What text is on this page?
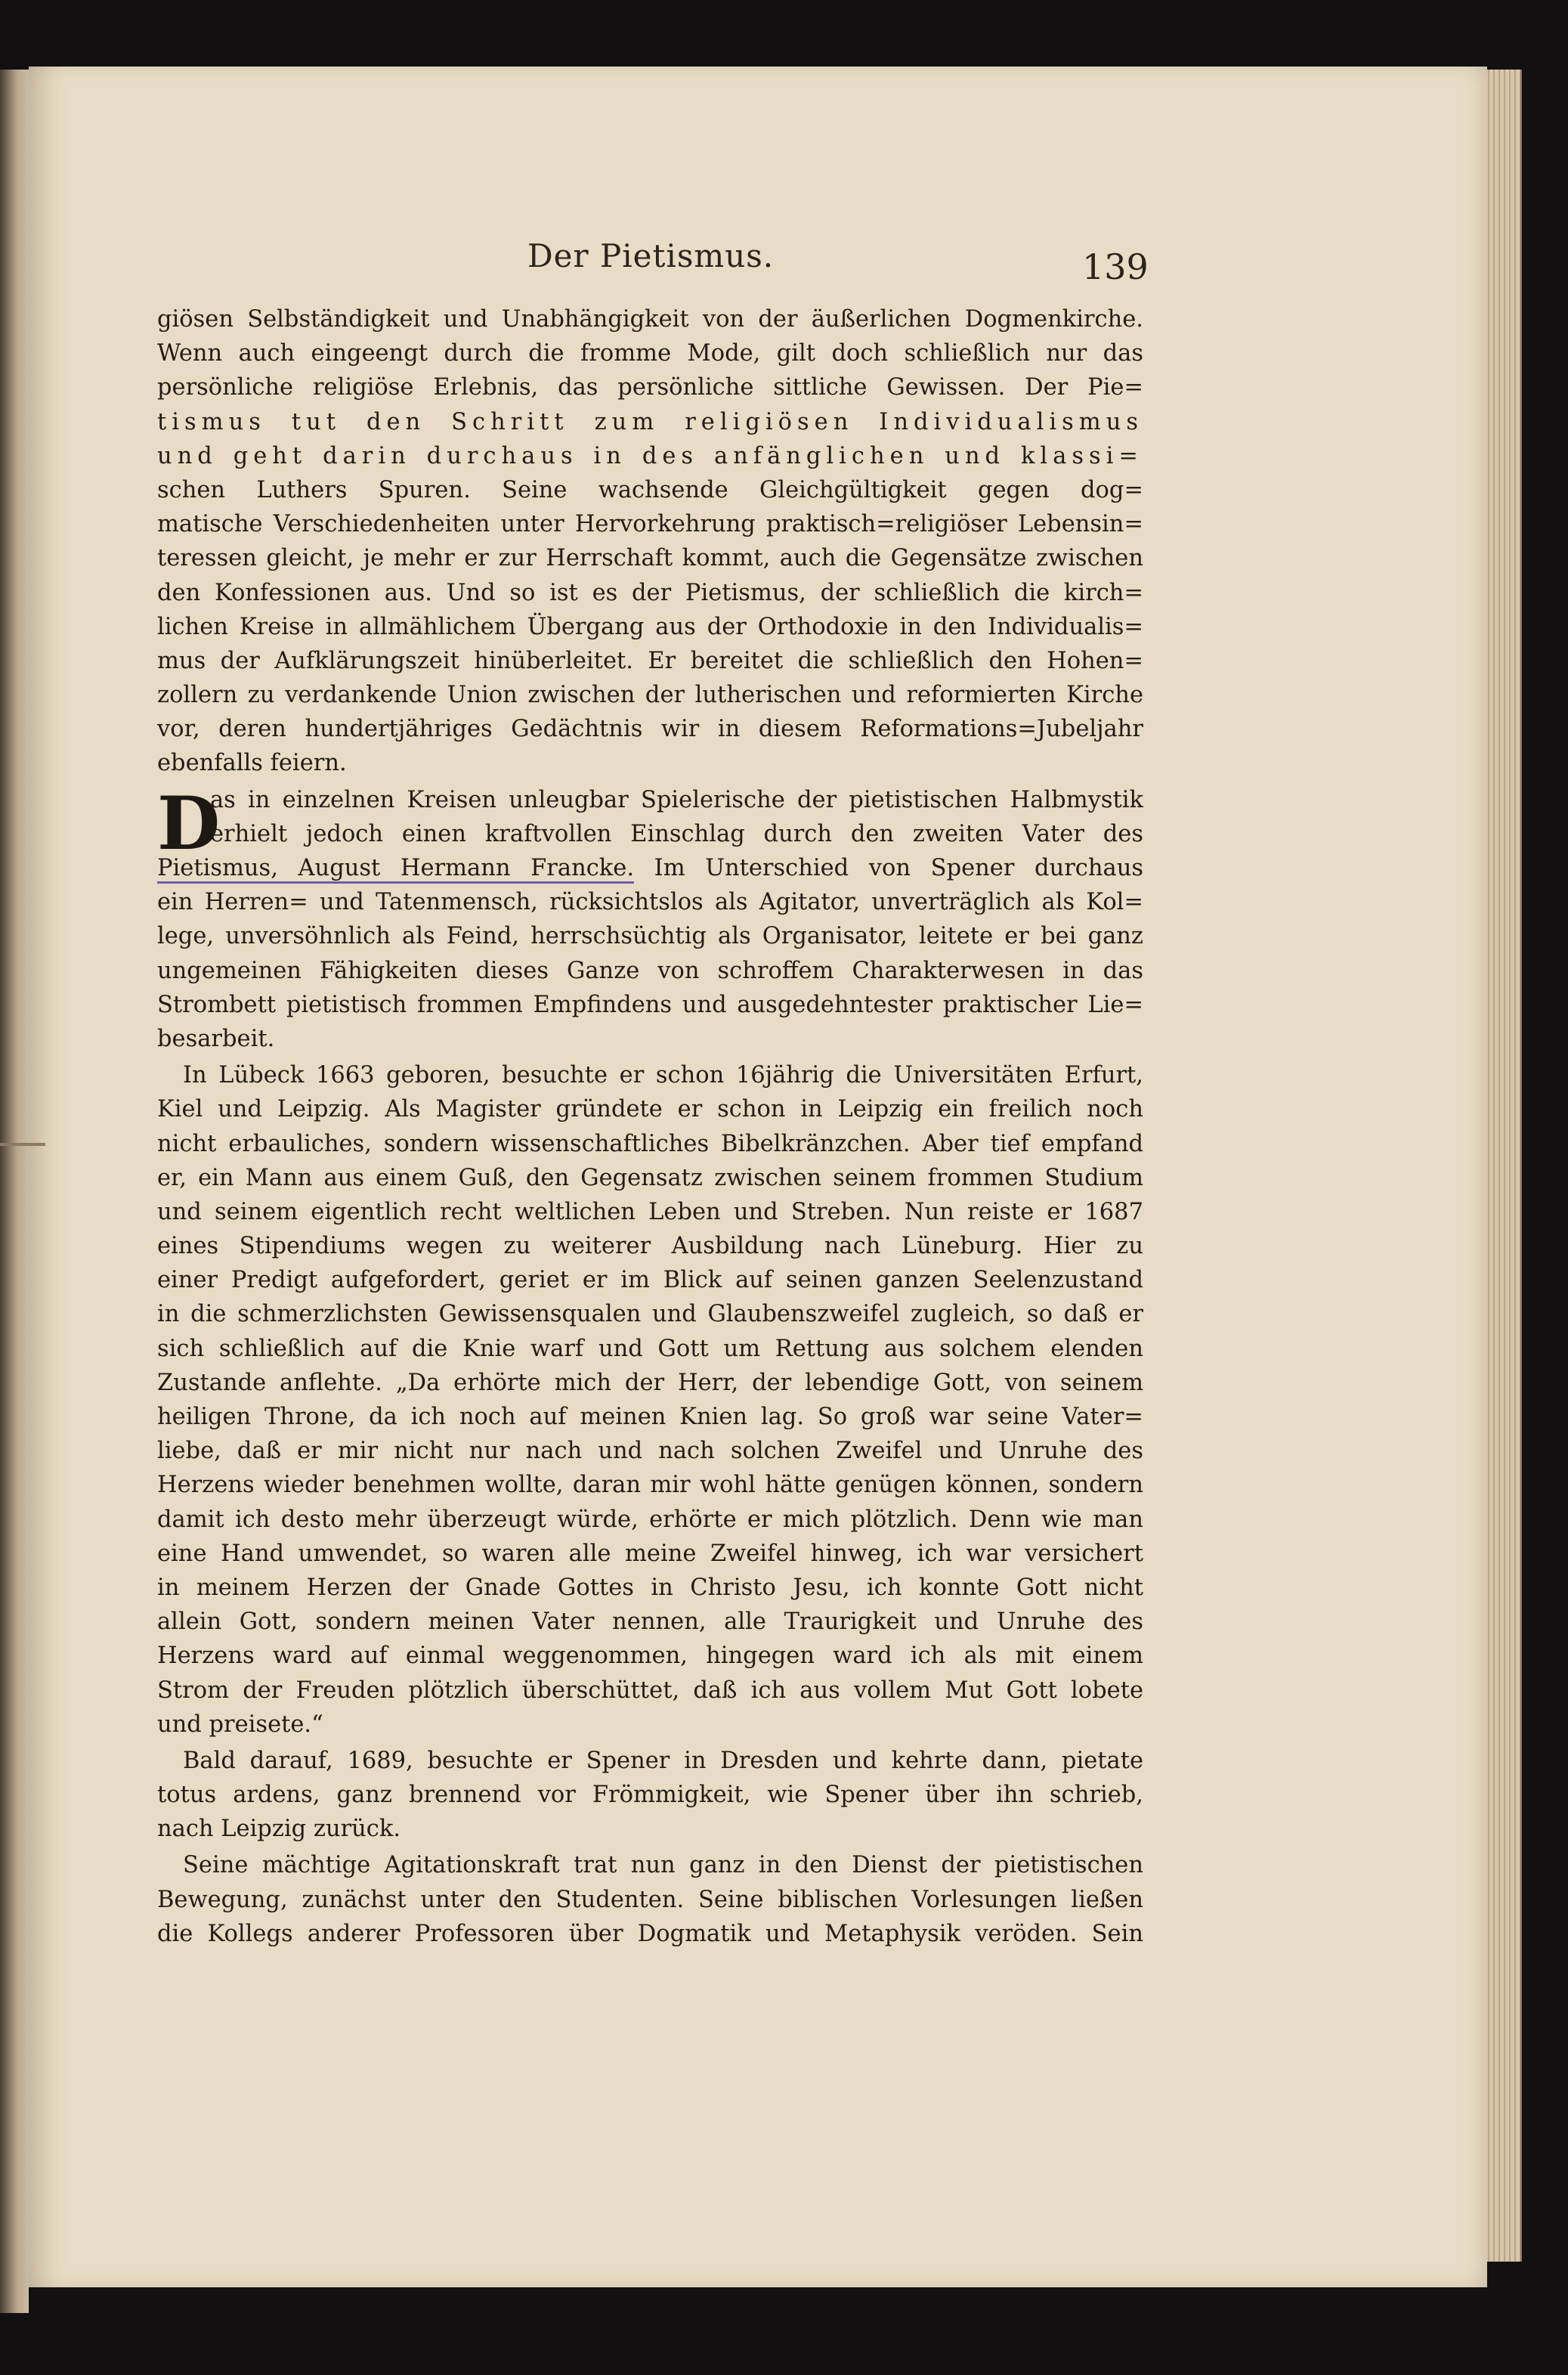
Der Pietismus.	139
D
giösen Selbständigkeit und Unabhängigkeit von der äußerlichen Dogmenkirche.
Wenn auch eingeengt durch die fromme Mode, gilt doch schließlich nur das
persönliche religiöse Erlebnis, das persönliche sittliche Gewissen. Der Pie=
tismus tut den Schritt zum religiösen Individualismus
und geht darin durchaus in des anfänglichen und klassi=
schen Luthers Spuren. Seine wachsende Gleichgültigkeit gegen dog=
matische Verschiedenheiten unter Hervorkehrung praktisch=religiöser Lebensin=
teressen gleicht, je mehr er zur Herrschaft kommt, auch die Gegensätze zwischen
den Konfessionen aus. Und so ist es der Pietismus, der schließlich die kirch=
lichen Kreise in allmählichem Übergang aus der Orthodoxie in den Individualis=
mus der Aufklärungszeit hinüberleitet. Er bereitet die schließlich den Hohen=
zollern zu verdankende Union zwischen der lutherischen und reformierten Kirche
vor, deren hundertjähriges Gedächtnis wir in diesem Reformations=Jubeljahr
ebenfalls feiern.
as in einzelnen Kreisen unleugbar Spielerische der pietistischen Halbmystik
erhielt jedoch einen kraftvollen Einschlag durch den zweiten Vater des
Pietismus, August Hermann Francke. Im Unterschied von Spener durchaus
ein Herren= und Tatenmensch, rücksichtslos als Agitator, unverträglich als Kol=
lege, unversöhnlich als Feind, herrschsüchtig als Organisator, leitete er bei ganz
ungemeinen Fähigkeiten dieses Ganze von schroffem Charakterwesen in das
Strombett pietistisch frommen Empfindens und ausgedehntester praktischer Lie=
besarbeit.
In Lübeck 1663 geboren, besuchte er schon 16jährig die Universitäten Erfurt,
Kiel und Leipzig. Als Magister gründete er schon in Leipzig ein freilich noch
nicht erbauliches, sondern wissenschaftliches Bibelkränzchen. Aber tief empfand
er, ein Mann aus einem Guß, den Gegensatz zwischen seinem frommen Studium
und seinem eigentlich recht weltlichen Leben und Streben. Nun reiste er 1687
eines Stipendiums wegen zu weiterer Ausbildung nach Lüneburg. Hier zu
einer Predigt aufgefordert, geriet er im Blick auf seinen ganzen Seelenzustand
in die schmerzlichsten Gewissensqualen und Glaubenszweifel zugleich, so daß er
sich schließlich auf die Knie warf und Gott um Rettung aus solchem elenden
Zustande anflehte. „Da erhörte mich der Herr, der lebendige Gott, von seinem
heiligen Throne, da ich noch auf meinen Knien lag. So groß war seine Vater=
liebe, daß er mir nicht nur nach und nach solchen Zweifel und Unruhe des
Herzens wieder benehmen wollte, daran mir wohl hätte genügen können, sondern
damit ich desto mehr überzeugt würde, erhörte er mich plötzlich. Denn wie man
eine Hand umwendet, so waren alle meine Zweifel hinweg, ich war versichert
in meinem Herzen der Gnade Gottes in Christo Jesu, ich konnte Gott nicht
allein Gott, sondern meinen Vater nennen, alle Traurigkeit und Unruhe des
Herzens ward auf einmal weggenommen, hingegen ward ich als mit einem
Strom der Freuden plötzlich überschüttet, daß ich aus vollem Mut Gott lobete
und preisete.“
Bald darauf, 1689, besuchte er Spener in Dresden und kehrte dann, pietate
totus ardens, ganz brennend vor Frömmigkeit, wie Spener über ihn schrieb,
nach Leipzig zurück.
Seine mächtige Agitationskraft trat nun ganz in den Dienst der pietistischen
Bewegung, zunächst unter den Studenten. Seine biblischen Vorlesungen ließen
die Kollegs anderer Professoren über Dogmatik und Metaphysik veröden. Sein
